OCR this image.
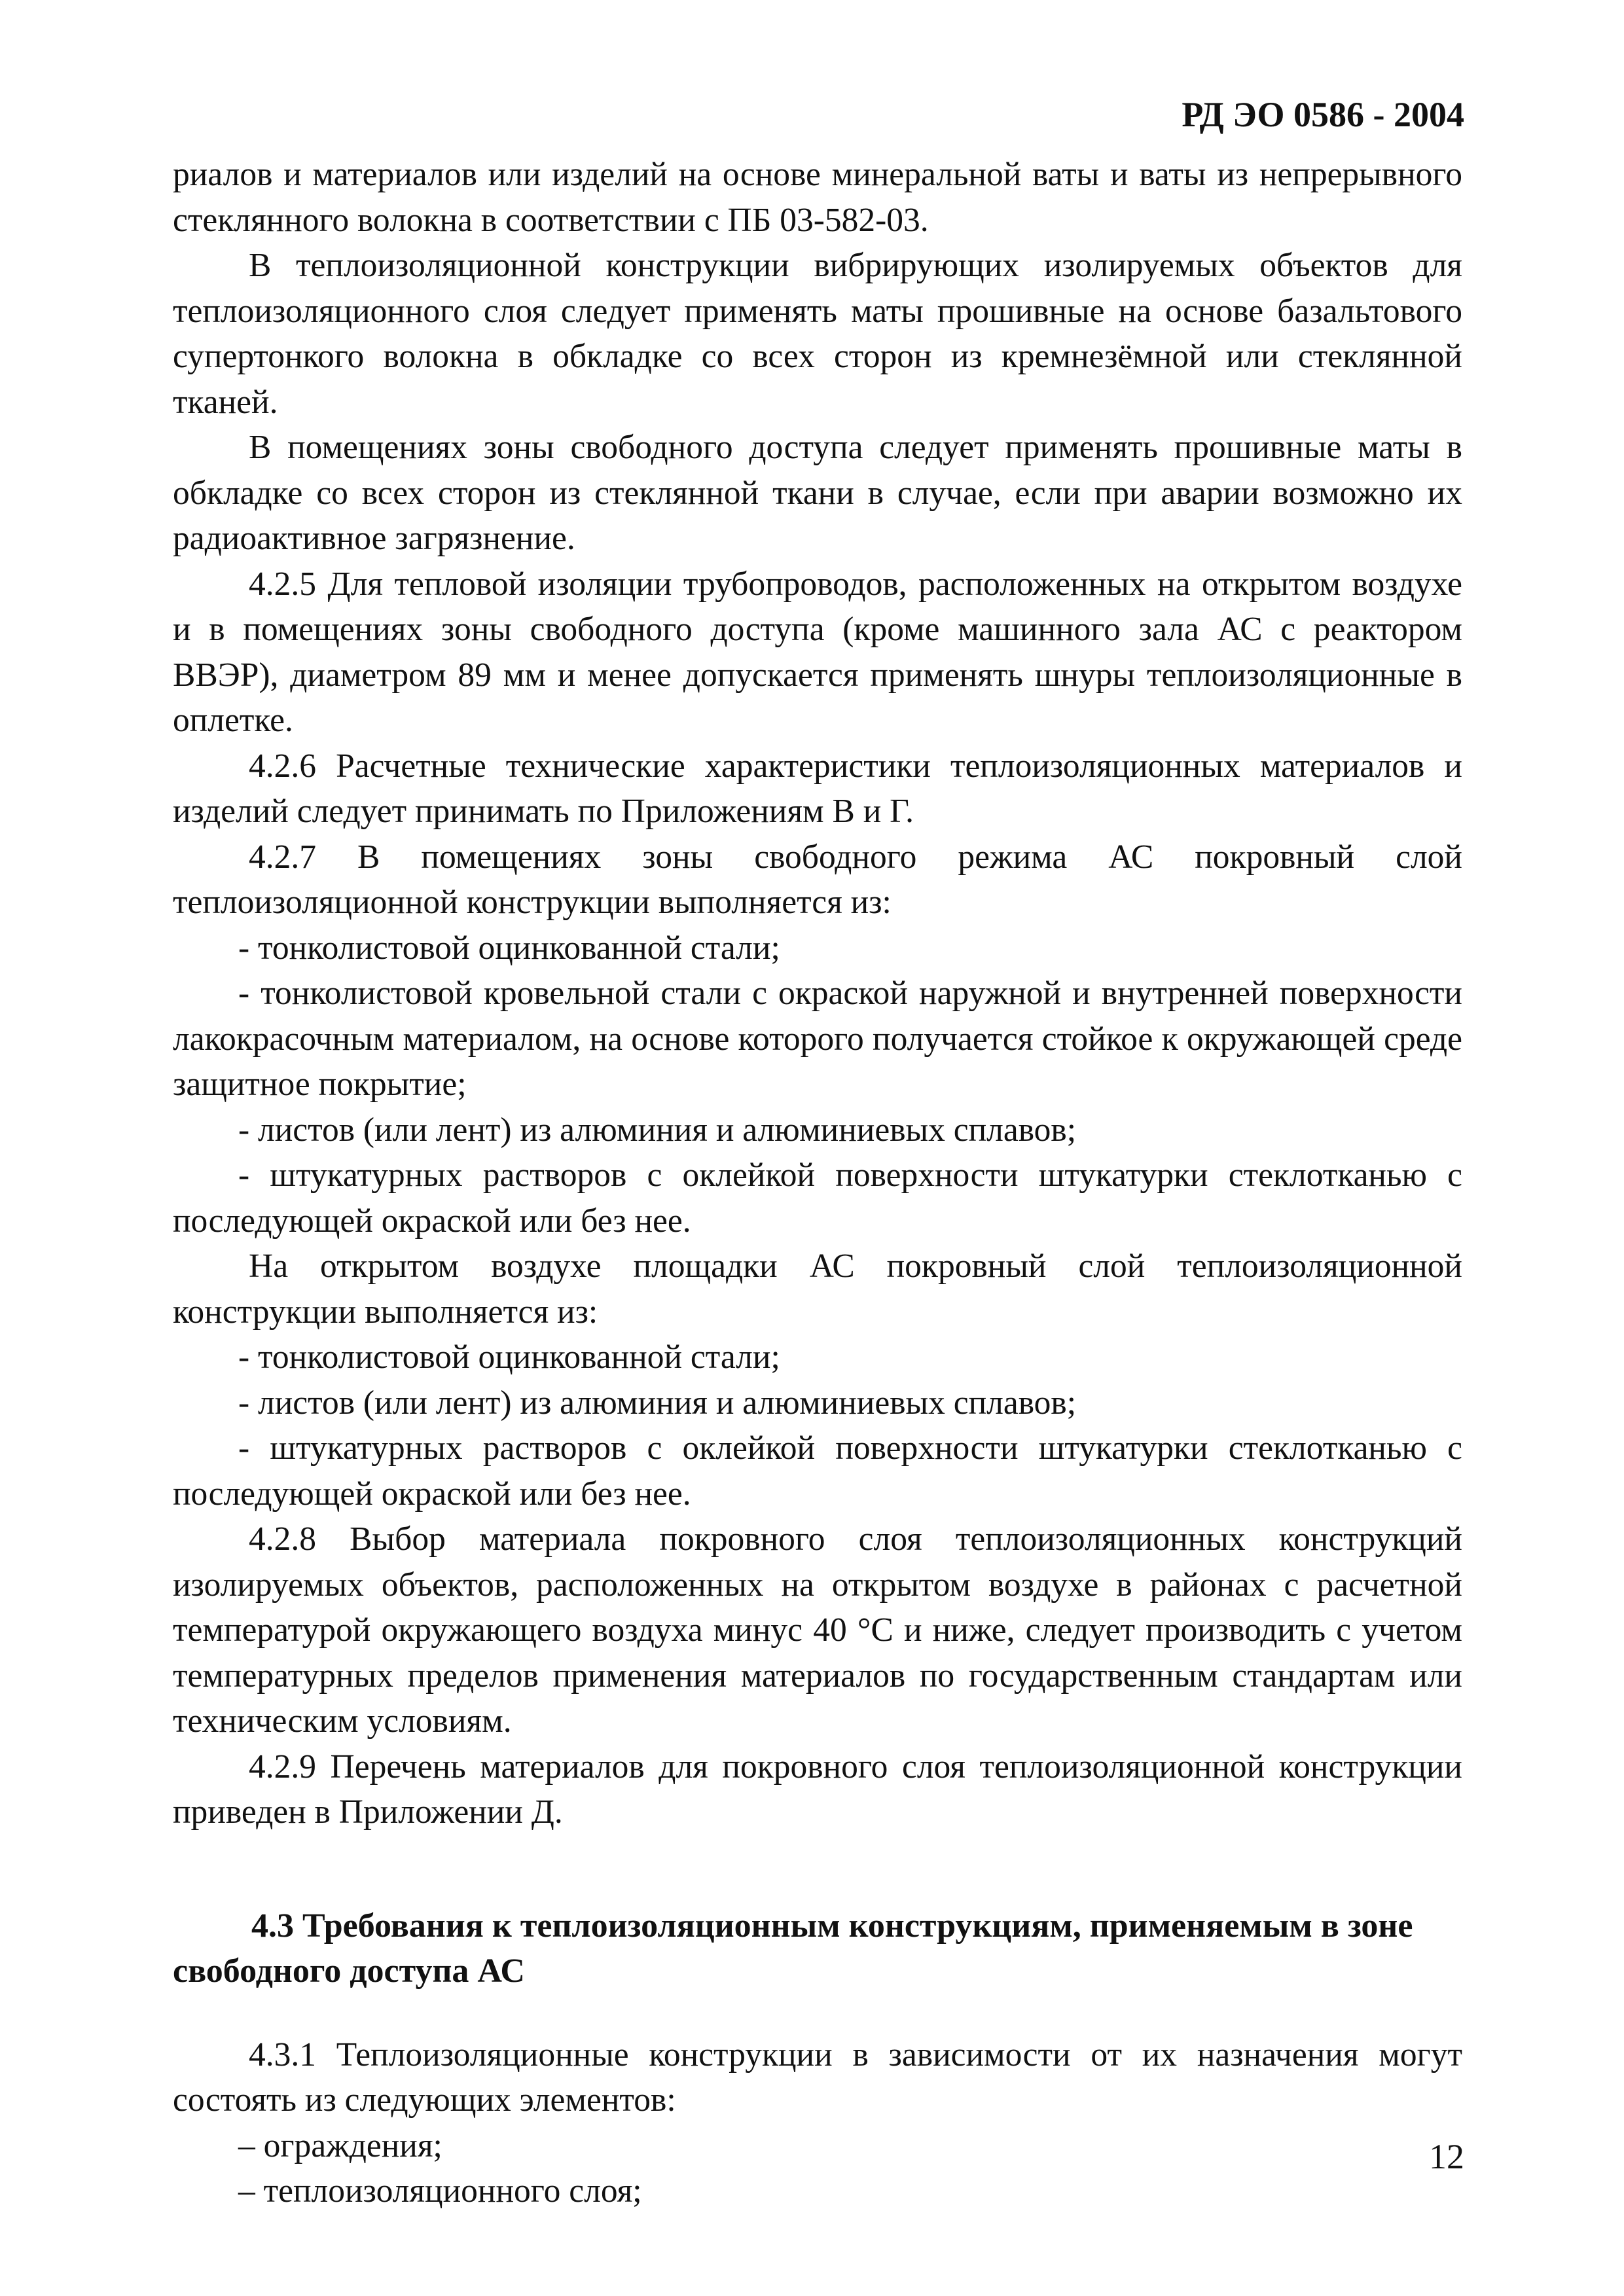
РД ЭО 0586 - 2004

риалов и материалов или изделий на основе минеральной ваты и ваты из непрерывного стеклянного волокна в соответствии с ПБ 03-582-03.

В теплоизоляционной конструкции вибрирующих изолируемых объектов для теплоизоляционного слоя следует применять маты прошивные на основе базальтового супертонкого волокна в обкладке со всех сторон из кремнезёмной или стеклянной тканей.

В помещениях зоны свободного доступа следует применять прошивные маты в обкладке со всех сторон из стеклянной ткани в случае, если при аварии возможно их радиоактивное загрязнение.

4.2.5 Для тепловой изоляции трубопроводов, расположенных на открытом воздухе и в помещениях зоны свободного доступа (кроме машинного зала АС с реактором ВВЭР), диаметром 89 мм и менее допускается применять шнуры теплоизоляционные в оплетке.

4.2.6 Расчетные технические характеристики теплоизоляционных материалов и изделий следует принимать по Приложениям В и Г.

4.2.7 В помещениях зоны свободного режима АС покровный слой теплоизоляционной конструкции выполняется из:

- тонколистовой оцинкованной стали;

- тонколистовой кровельной стали с окраской наружной и внутренней поверхности лакокрасочным материалом, на основе которого получается стойкое к окружающей среде защитное покрытие;

- листов (или лент) из алюминия и алюминиевых сплавов;

- штукатурных растворов с оклейкой поверхности штукатурки стеклотканью с последующей окраской или без нее.

На открытом воздухе площадки АС покровный слой теплоизоляционной конструкции выполняется из:

- тонколистовой оцинкованной стали;

- листов (или лент) из алюминия и алюминиевых сплавов;

- штукатурных растворов с оклейкой поверхности штукатурки стеклотканью с последующей окраской или без нее.

4.2.8 Выбор материала покровного слоя теплоизоляционных конструкций изолируемых объектов, расположенных на открытом воздухе в районах с расчетной температурой окружающего воздуха минус 40 °С и ниже, следует производить с учетом температурных пределов применения материалов по государственным стандартам или техническим условиям.

4.2.9 Перечень материалов для покровного слоя теплоизоляционной конструкции приведен в Приложении Д.

4.3 Требования к теплоизоляционным конструкциям, применяемым в зоне свободного доступа АС

4.3.1 Теплоизоляционные конструкции в зависимости от их назначения могут состоять из следующих элементов:

– ограждения;

– теплоизоляционного слоя;

12
